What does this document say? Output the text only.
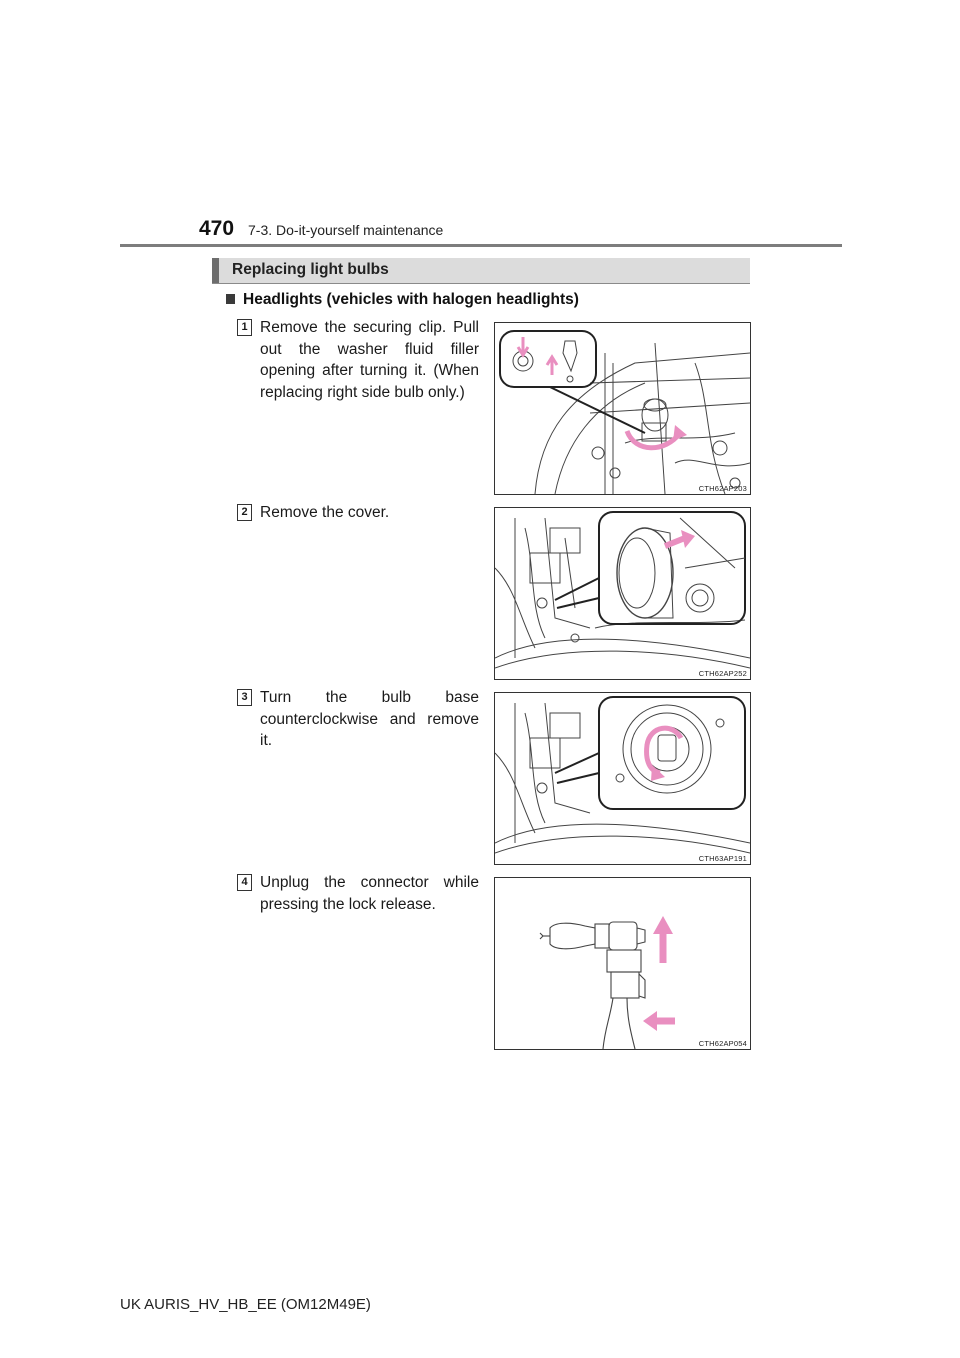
470 7-3. Do-it-yourself maintenance
Replacing light bulbs
Headlights (vehicles with halogen headlights)
1 Remove the securing clip. Pull out the washer fluid filler opening after turning it. (When replacing right side bulb only.)
CTH62AP203
2 Remove the cover.
CTH62AP252
3 Turn the bulb base counterclockwise and remove it.
CTH63AP191
4 Unplug the connector while pressing the lock release.
CTH62AP054
UK AURIS_HV_HB_EE (OM12M49E)
